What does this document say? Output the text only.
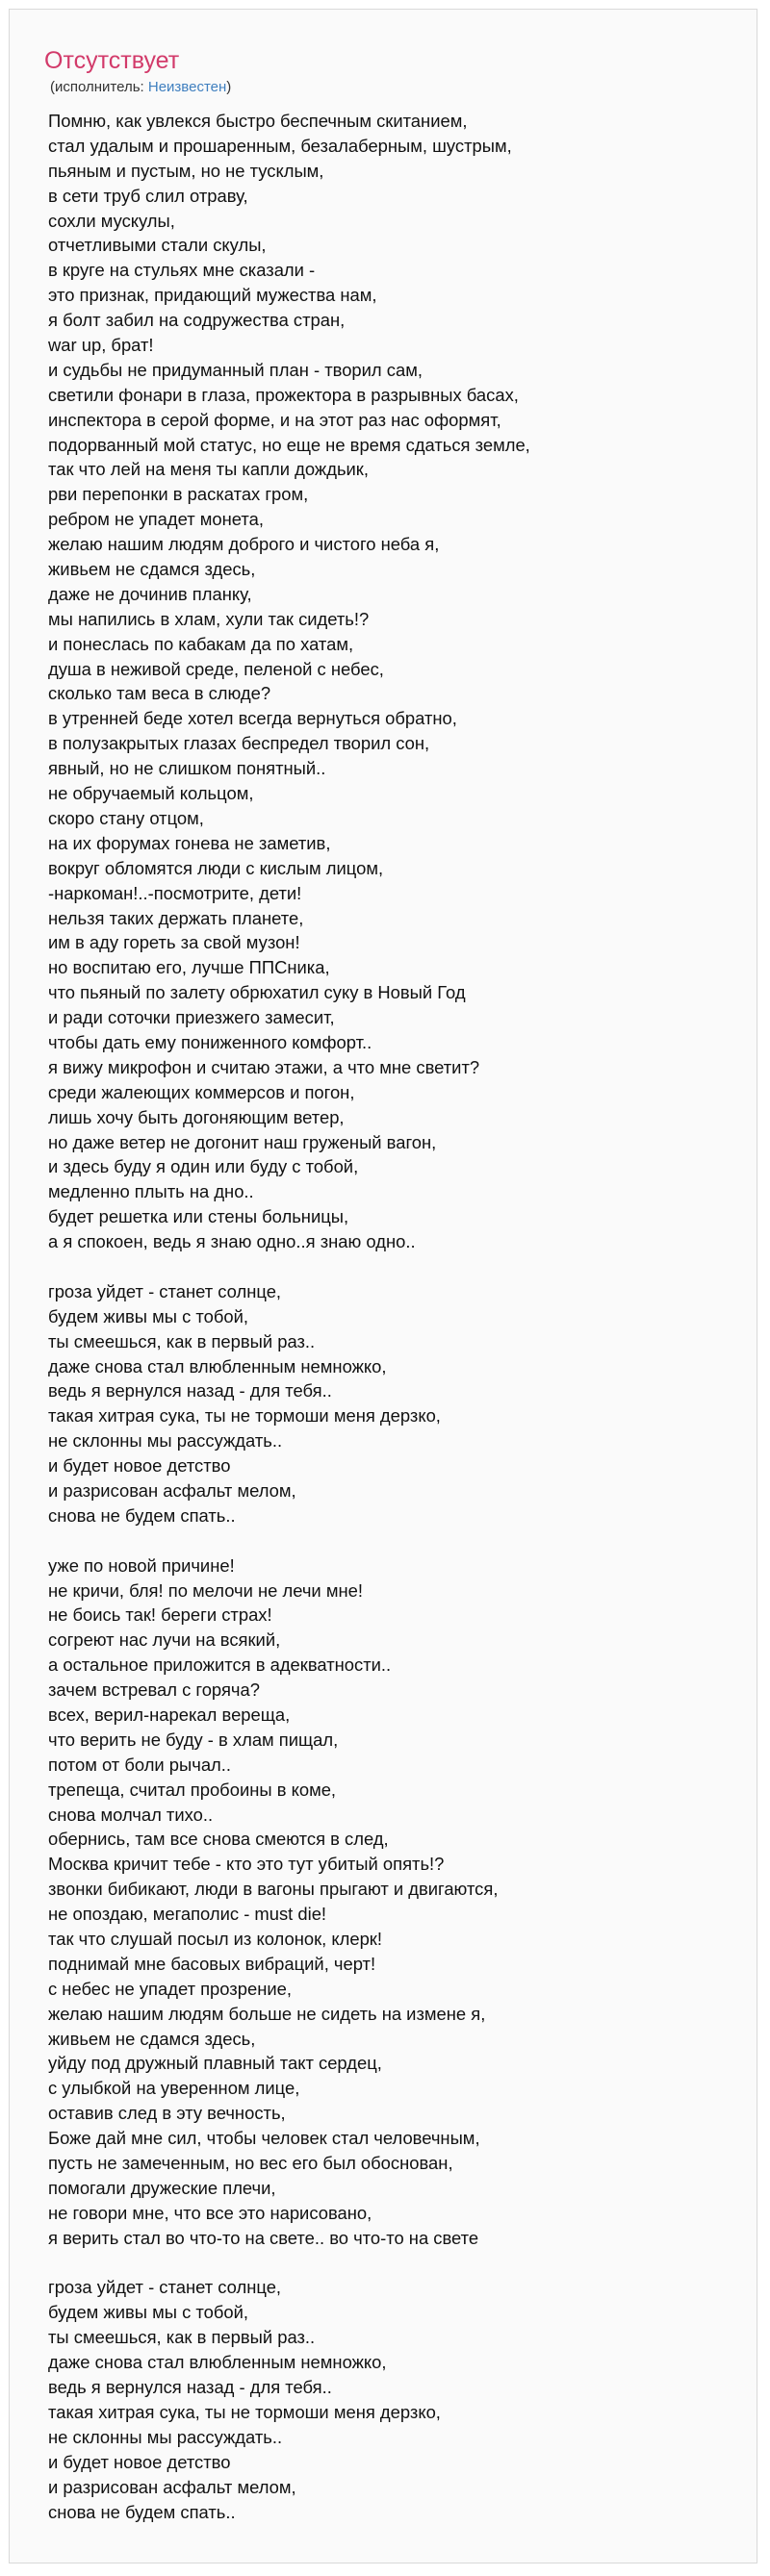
Отсутствует
(исполнитель: Неизвестен)
Помню, как увлекся быстро беспечным скитанием,
стал удалым и прошаренным, безалаберным, шустрым,
пьяным и пустым, но не тусклым,
в сети труб слил отраву,
сохли мускулы,
отчетливыми стали скулы,
в круге на стульях мне сказали -
это признак, придающий мужества нам,
я болт забил на содружества стран,
war up, брат!
и судьбы не придуманный план - творил сам,
светили фонари в глаза, прожектора в разрывных басах,
инспектора в серой форме, и на этот раз нас оформят,
подорванный мой статус, но еще не время сдаться земле,
так что лей на меня ты капли дождьик,
рви перепонки в раскатах гром,
ребром не упадет монета,
желаю нашим людям доброго и чистого неба я,
живьем не сдамся здесь,
даже не дочинив планку,
мы напились в хлам, хули так сидеть!?
и понеслась по кабакам да по хатам,
душа в неживой среде, пеленой с небес,
сколько там веса в слюде?
в утренней беде хотел всегда вернуться обратно,
в полузакрытых глазах беспредел творил сон,
явный, но не слишком понятный..
не обручаемый кольцом,
скоро стану отцом,
на их форумах гонева не заметив,
вокруг обломятся люди с кислым лицом,
-наркоман!..-посмотрите, дети!
нельзя таких держать планете,
им в аду гореть за свой музон!
но воспитаю его, лучше ППСника,
что пьяный по залету обрюхатил суку в Новый Год
и ради соточки приезжего замесит,
чтобы дать ему пониженного комфорт..
я вижу микрофон и считаю этажи, а что мне светит?
среди жалеющих коммерсов и погон,
лишь хочу быть догоняющим ветер,
но даже ветер не догонит наш груженый вагон,
и здесь буду я один или буду с тобой,
медленно плыть на дно..
будет решетка или стены больницы,
а я спокоен, ведь я знаю одно..я знаю одно..
гроза уйдет - станет солнце,
будем живы мы с тобой,
ты смеешься, как в первый раз..
даже снова стал влюбленным немножко,
ведь я вернулся назад - для тебя..
такая хитрая сука, ты не тормоши меня дерзко,
не склонны мы рассуждать..
и будет новое детство
и разрисован асфальт мелом,
снова не будем спать..
уже по новой причине!
не кричи, бля! по мелочи не лечи мне!
не боись так! береги страх!
согреют нас лучи на всякий,
а остальное приложится в адекватности..
зачем встревал с горяча?
всех, верил-нарекал вереща,
что верить не буду - в хлам пищал,
потом от боли рычал..
трепеща, считал пробоины в коме,
снова молчал тихо..
обернись, там все снова смеются в след,
Москва кричит тебе - кто это тут убитый опять!?
звонки бибикают, люди в вагоны прыгают и двигаются,
не опоздаю, мегаполис - must die!
так что слушай посыл из колонок, клерк!
поднимай мне басовых вибраций, черт!
с небес не упадет прозрение,
желаю нашим людям больше не сидеть на измене я,
живьем не сдамся здесь,
уйду под дружный плавный такт сердец,
с улыбкой на уверенном лице,
оставив след в эту вечность,
Боже дай мне сил, чтобы человек стал человечным,
пусть не замеченным, но вес его был обоснован,
помогали дружеские плечи,
не говори мне, что все это нарисовано,
я верить стал во что-то на свете.. во что-то на свете
гроза уйдет - станет солнце,
будем живы мы с тобой,
ты смеешься, как в первый раз..
даже снова стал влюбленным немножко,
ведь я вернулся назад - для тебя..
такая хитрая сука, ты не тормоши меня дерзко,
не склонны мы рассуждать..
и будет новое детство
и разрисован асфальт мелом,
снова не будем спать..
